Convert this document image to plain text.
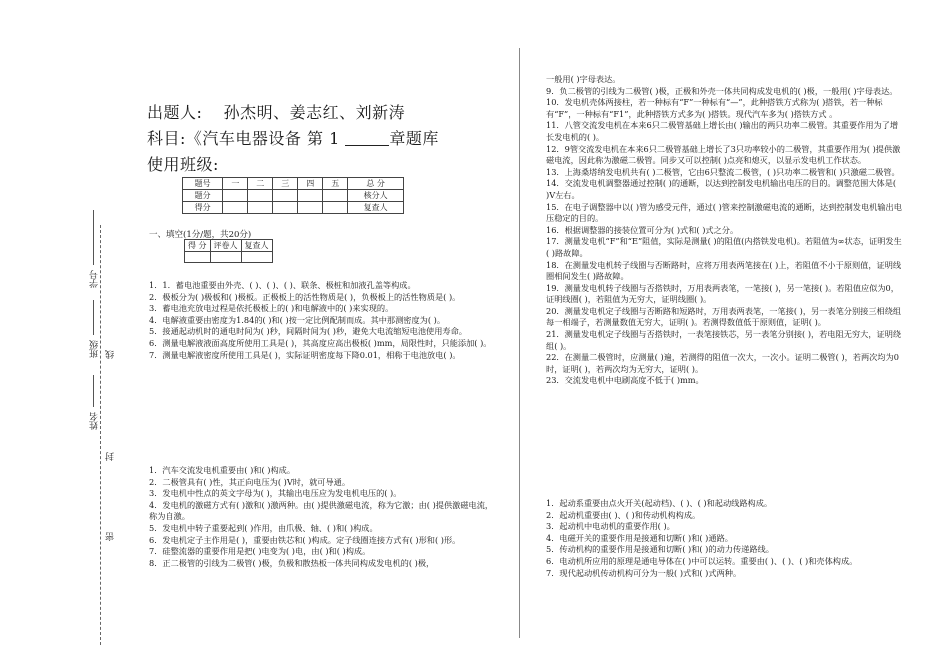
学号
班级 线
姓名
封
密
出题人: 孙杰明、姜志红、刘新涛
科目:《汽车电器设备 第 1	章题库
使用班级:
题号	一	二	三	四	五	总 分
题分						核分人
得分						复查人
一、填空(1分/题，共20分)
得 分	评卷人	复查人

1．1．蓄电池重要由外壳、( )、( )、( )、联条、极桩和加液孔盖等构成。
2．极板分为( )极板和( )极板。正极板上的活性物质是( )，负极板上的活性物质是( )。
3．蓄电池充放电过程是依托极板上的( )和电解液中的( )来实现的。
4．电解液重要由密度为1.84的( )和( )按一定比例配制而成。其中那测密度为( )。
5．接通起动机时的通电时间为( )秒，间隔时间为( )秒，避免大电流缩短电池使用寿命。
6．测量电解液液面高度所使用工具是( )，其高度应高出极板( )mm，局限性时，只能添加( )。
7．测量电解液密度所使用工具是( )，实际证明密度每下降0.01，相称于电池放电( )。
1．汽车交流发电机重要由( )和( )构成。
2．二极管具有( )性，其正向电压为( )V时，就可导通。
3．发电机中性点的英文字母为( )，其输出电压应为发电机电压的( )。
4．发电机的激磁方式有( )激和( )激两种。由( )提供激磁电流，称为它激；由( )提供激磁电流，称为自激。
5．发电机中转子重要起到( )作用，由爪极、轴、( )和( )构成。
6．发电机定子主作用是( )，重要由铁芯和( )构成。定子线圈连接方式有( )形和( )形。
7．硅整流器的重要作用是把( )电变为( )电，由( )和( )构成。
8．正二极管的引线为二极管( )极，负极和散热板一体共同构成发电机的( )极，
一般用( )字母表达。
9．负二极管的引线为二极管( )极，正极和外壳一体共同构成发电机的( )极，一般用( )字母表达。
10．发电机壳体两接柱，若一种标有“F”一种标有“—”，此种搭铁方式称为( )搭铁，若一种标有“F”，一种标有“F1”，此种搭铁方式多为( )搭铁。现代汽车多为( )搭铁方式 。
11．八管交流发电机在本来6只二极管基础上增长由( )输出的两只功率二极管。其重要作用为了增长发电机的( )。
12．9管交流发电机在本来6只二极管基础上增长了3只功率较小的二极管，其重要作用为( )提供激磁电流，因此称为激磁二极管。同步又可以控制( )点亮和熄灭，以显示发电机工作状态。
13．上海桑塔纳发电机共有( )二极管，它由6只整流二极管，( )只功率二极管和( )只激磁二极管。
14．交流发电机调整器通过控制( )的通断，以达到控制发电机输出电压的目的。调整范围大体是( )V左右。
15．在电子调整器中以( )管为感受元件，通过( )管来控制激磁电流的通断，达到控制发电机输出电压稳定的目的。
16．根据调整器的接装位置可分为( )式和( )式之分。
17．测量发电机“F”和“E”阻值，实际是测量( )的阻值(内搭铁发电机)。若阻值为∞状态，证明发生( )路故障。
18．在测量发电机转子线圈与否断路时，应将万用表两笔接在( )上，若阻值不小于原则值，证明线圈相间发生( )路故障。
19．测量发电机转子线圈与否搭铁时，万用表两表笔，一笔接( )，另一笔接( )。若阻值应似为0，证明线圈( )，若阻值为无穷大，证明线圈( )。
20．测量发电机定子线圈与否断路和短路时，万用表两表笔，一笔接( )，另一表笔分别接三相绕组每一相端子，若测量数值无穷大，证明( )。若测得数值低于原则值，证明( )。
21．测量发电机定子线圈与否搭铁时，一表笔接铁芯，另一表笔分别接( )，若电阻无穷大，证明绕组( )。
22．在测量二极管时，应测量( )遍，若测得的阻值一次大，一次小。证明二极管( )，若两次均为0时，证明( )，若两次均为无穷大，证明( )。
23．交流发电机中电刷高度不低于( )mm。
1．起动系重要由点火开关(起动档)、( )、( )和起动线路构成。
2．起动机重要由( )、( )和传动机构构成。
3．起动机中电动机的重要作用( )。
4．电磁开关的重要作用是接通和切断( )和( )通路。
5．传动机构的重要作用是接通和切断( )和( )的动力传递路线。
6．电动机所应用的原理是通电导体在( )中可以运转。重要由( )、( )、( )和壳体构成。
7．现代起动机传动机构可分为一般( )式和( )式两种。
